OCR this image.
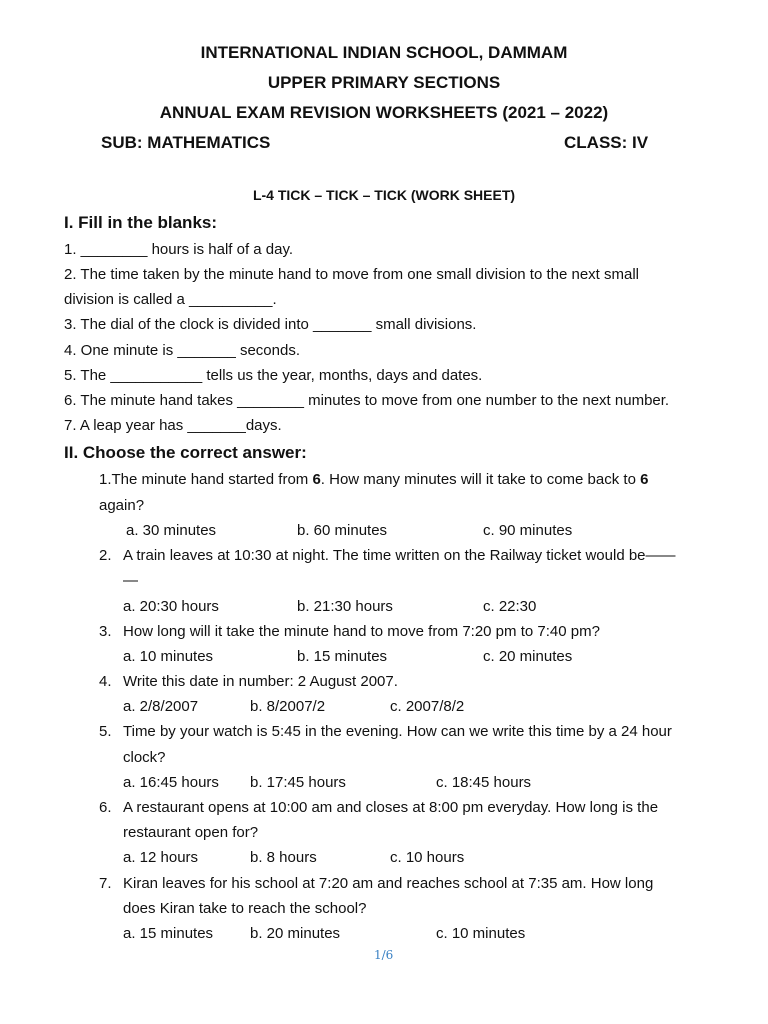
INTERNATIONAL INDIAN SCHOOL, DAMMAM
UPPER PRIMARY SECTIONS
ANNUAL EXAM REVISION WORKSHEETS (2021 – 2022)
SUB: MATHEMATICS	CLASS: IV
L-4 TICK – TICK – TICK (WORK SHEET)
I. Fill in the blanks:
1. ________ hours is half of a day.
2. The time taken by the minute hand to move from one small division to the next small
division is called a __________.
3. The dial of the clock is divided into _______ small divisions.
4. One minute is _______ seconds.
5. The ___________ tells us the year, months, days and dates.
6. The minute hand takes ________ minutes to move from one number to the next number.
7. A leap year has _______days.
II. Choose the correct answer:
1.The minute hand started from 6. How many minutes will it take to come back to 6
again?
a. 30 minutes	b. 60 minutes	c. 90 minutes
2. A train leaves at 10:30 at night. The time written on the Railway ticket would be——
—
a. 20:30 hours	b. 21:30 hours	c. 22:30
3. How long will it take the minute hand to move from 7:20 pm to 7:40 pm?
a. 10 minutes	b. 15 minutes	c. 20 minutes
4. Write this date in number: 2 August 2007.
a. 2/8/2007	b. 8/2007/2	c. 2007/8/2
5. Time by your watch is 5:45 in the evening. How can we write this time by a 24 hour
clock?
a. 16:45 hours b. 17:45 hours	c. 18:45 hours
6. A restaurant opens at 10:00 am and closes at 8:00 pm everyday. How long is the
restaurant open for?
a. 12 hours	b. 8 hours	c. 10 hours
7. Kiran leaves for his school at 7:20 am and reaches school at 7:35 am. How long
does Kiran take to reach the school?
a. 15 minutes b. 20 minutes	c. 10 minutes
1/6
